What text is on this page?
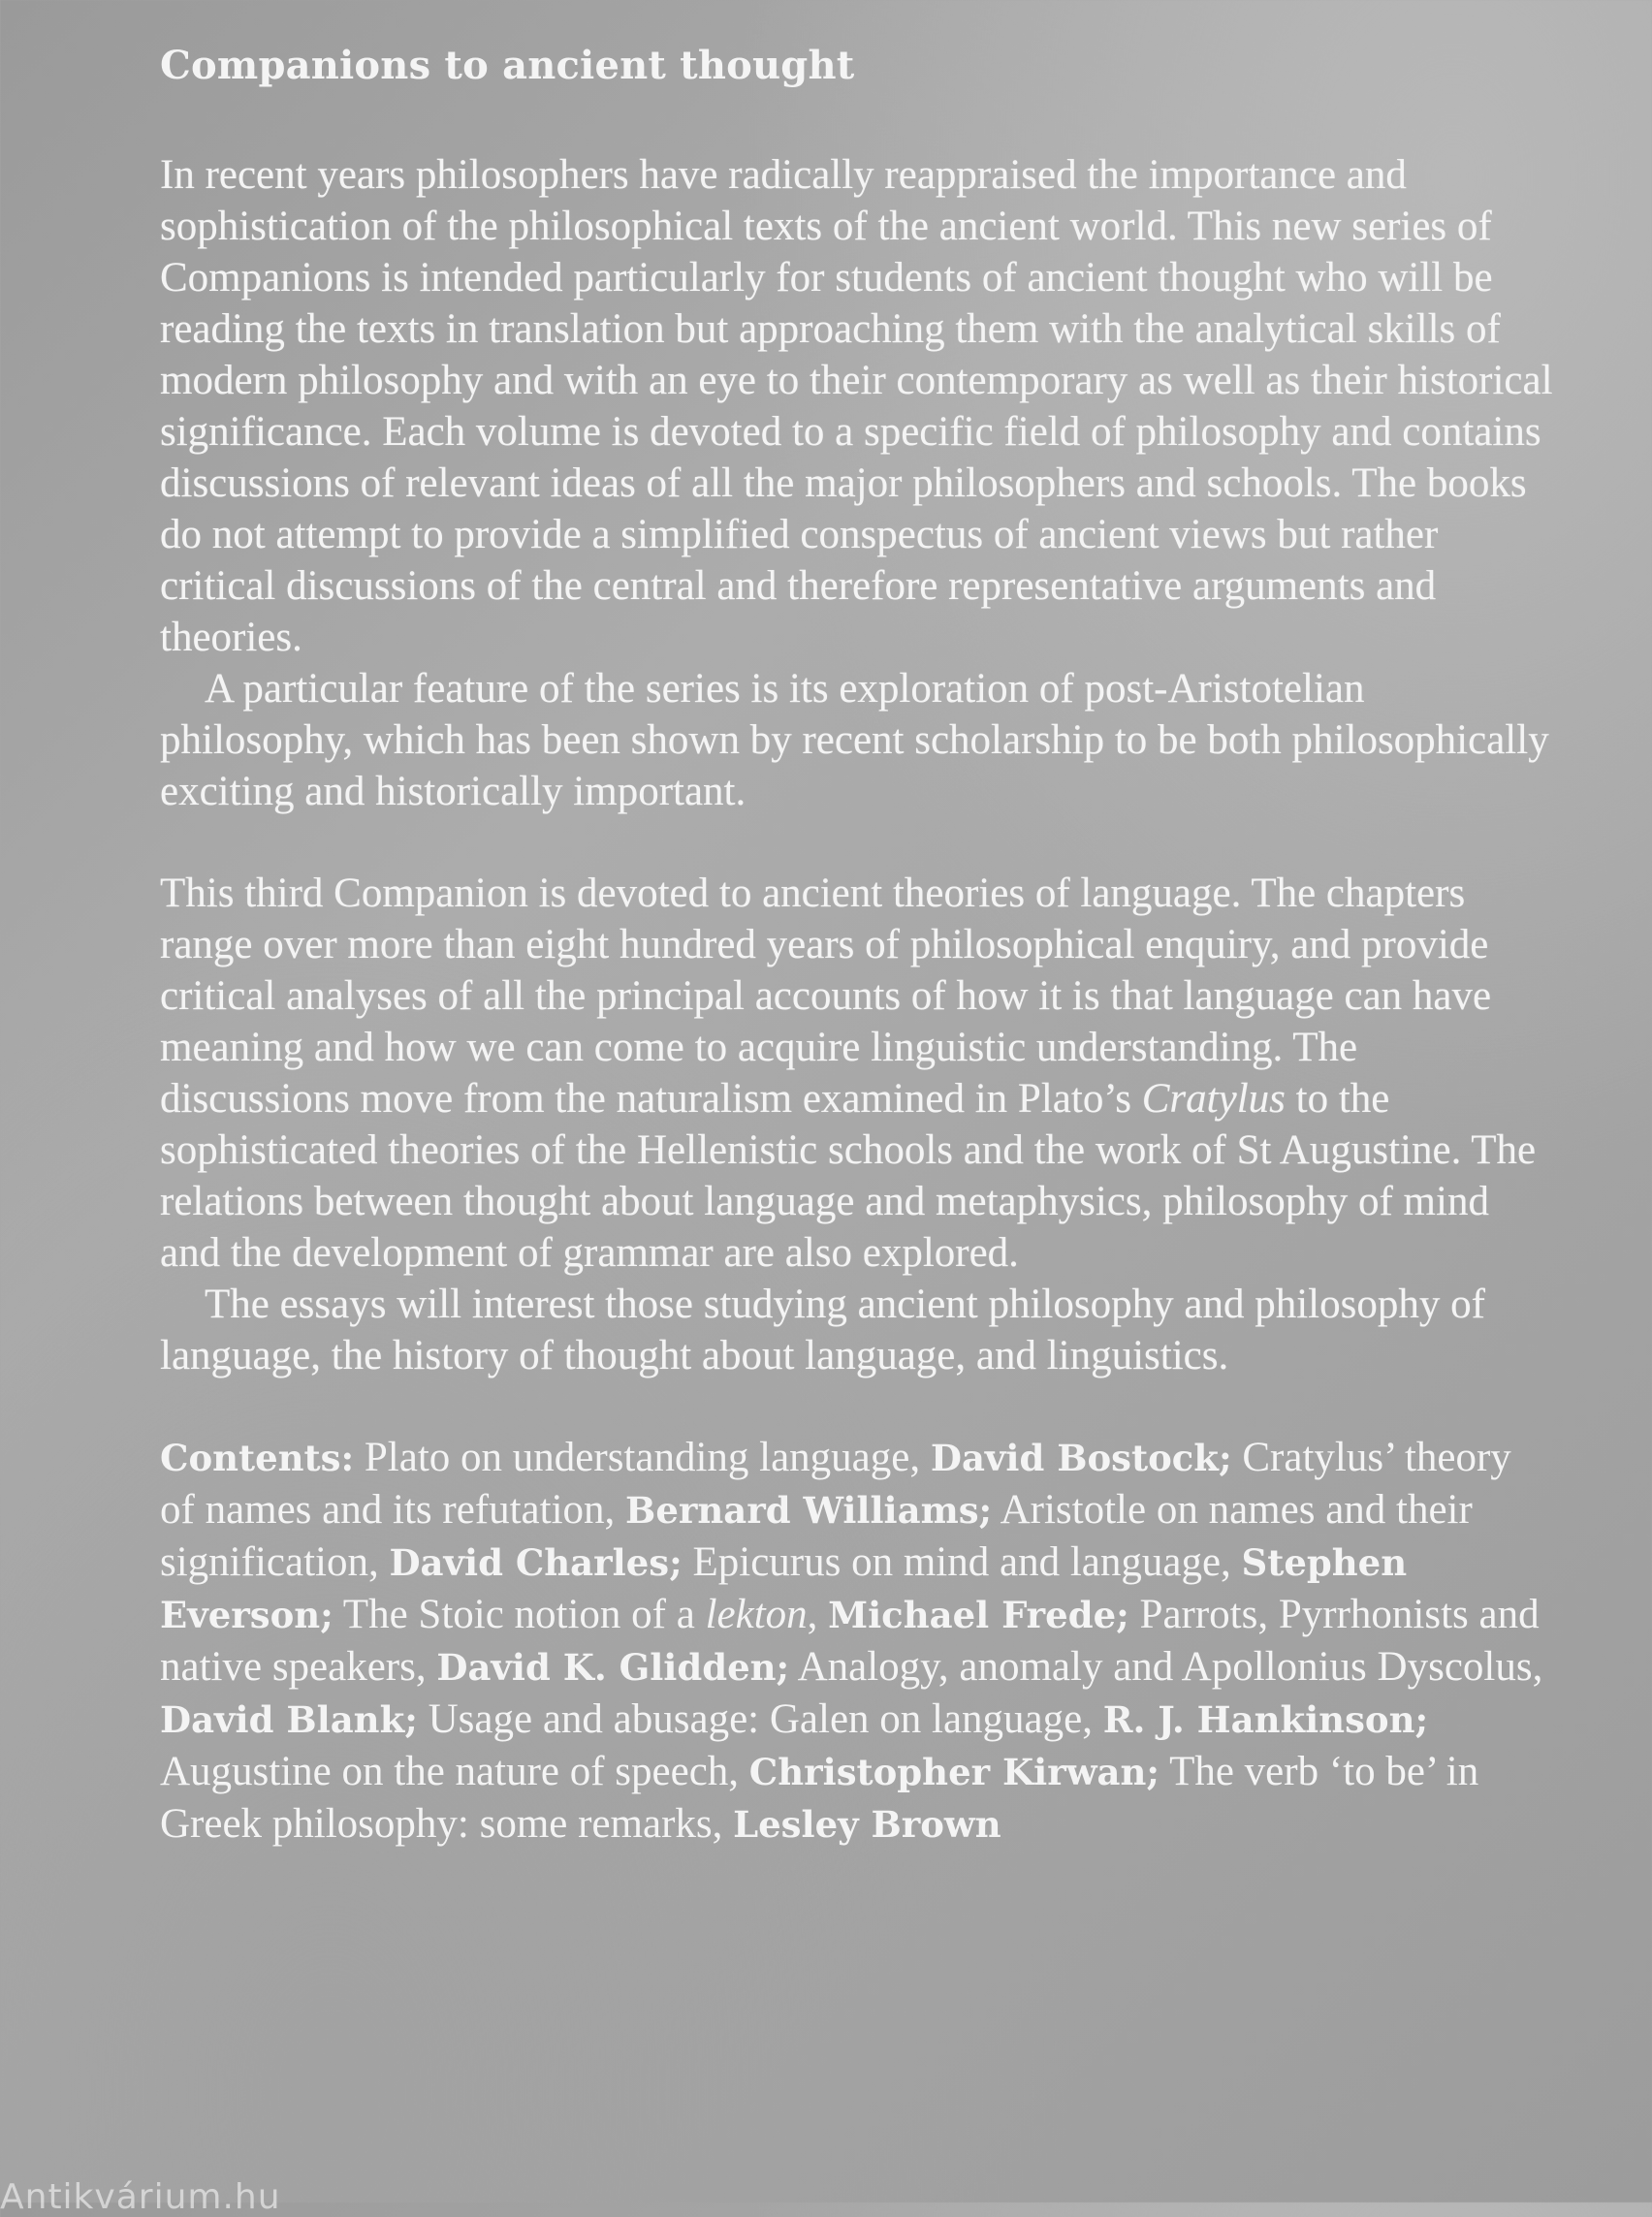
Companions to ancient thought

In recent years philosophers have radically reappraised the importance and sophistication of the philosophical texts of the ancient world. This new series of Companions is intended particularly for students of ancient thought who will be reading the texts in translation but approaching them with the analytical skills of modern philosophy and with an eye to their contemporary as well as their historical significance. Each volume is devoted to a specific field of philosophy and contains discussions of relevant ideas of all the major philosophers and schools. The books do not attempt to provide a simplified conspectus of ancient views but rather critical discussions of the central and therefore representative arguments and theories.

A particular feature of the series is its exploration of post-Aristotelian philosophy, which has been shown by recent scholarship to be both philosophically exciting and historically important.

This third Companion is devoted to ancient theories of language. The chapters range over more than eight hundred years of philosophical enquiry, and provide critical analyses of all the principal accounts of how it is that language can have meaning and how we can come to acquire linguistic understanding. The discussions move from the naturalism examined in Plato’s Cratylus to the sophisticated theories of the Hellenistic schools and the work of St Augustine. The relations between thought about language and metaphysics, philosophy of mind and the development of grammar are also explored.

The essays will interest those studying ancient philosophy and philosophy of language, the history of thought about language, and linguistics.

Contents: Plato on understanding language, David Bostock; Cratylus’ theory of names and its refutation, Bernard Williams; Aristotle on names and their signification, David Charles; Epicurus on mind and language, Stephen Everson; The Stoic notion of a lekton, Michael Frede; Parrots, Pyrrhonists and native speakers, David K. Glidden; Analogy, anomaly and Apollonius Dyscolus, David Blank; Usage and abusage: Galen on language, R. J. Hankinson; Augustine on the nature of speech, Christopher Kirwan; The verb ‘to be’ in Greek philosophy: some remarks, Lesley Brown

Antikvárium.hu
